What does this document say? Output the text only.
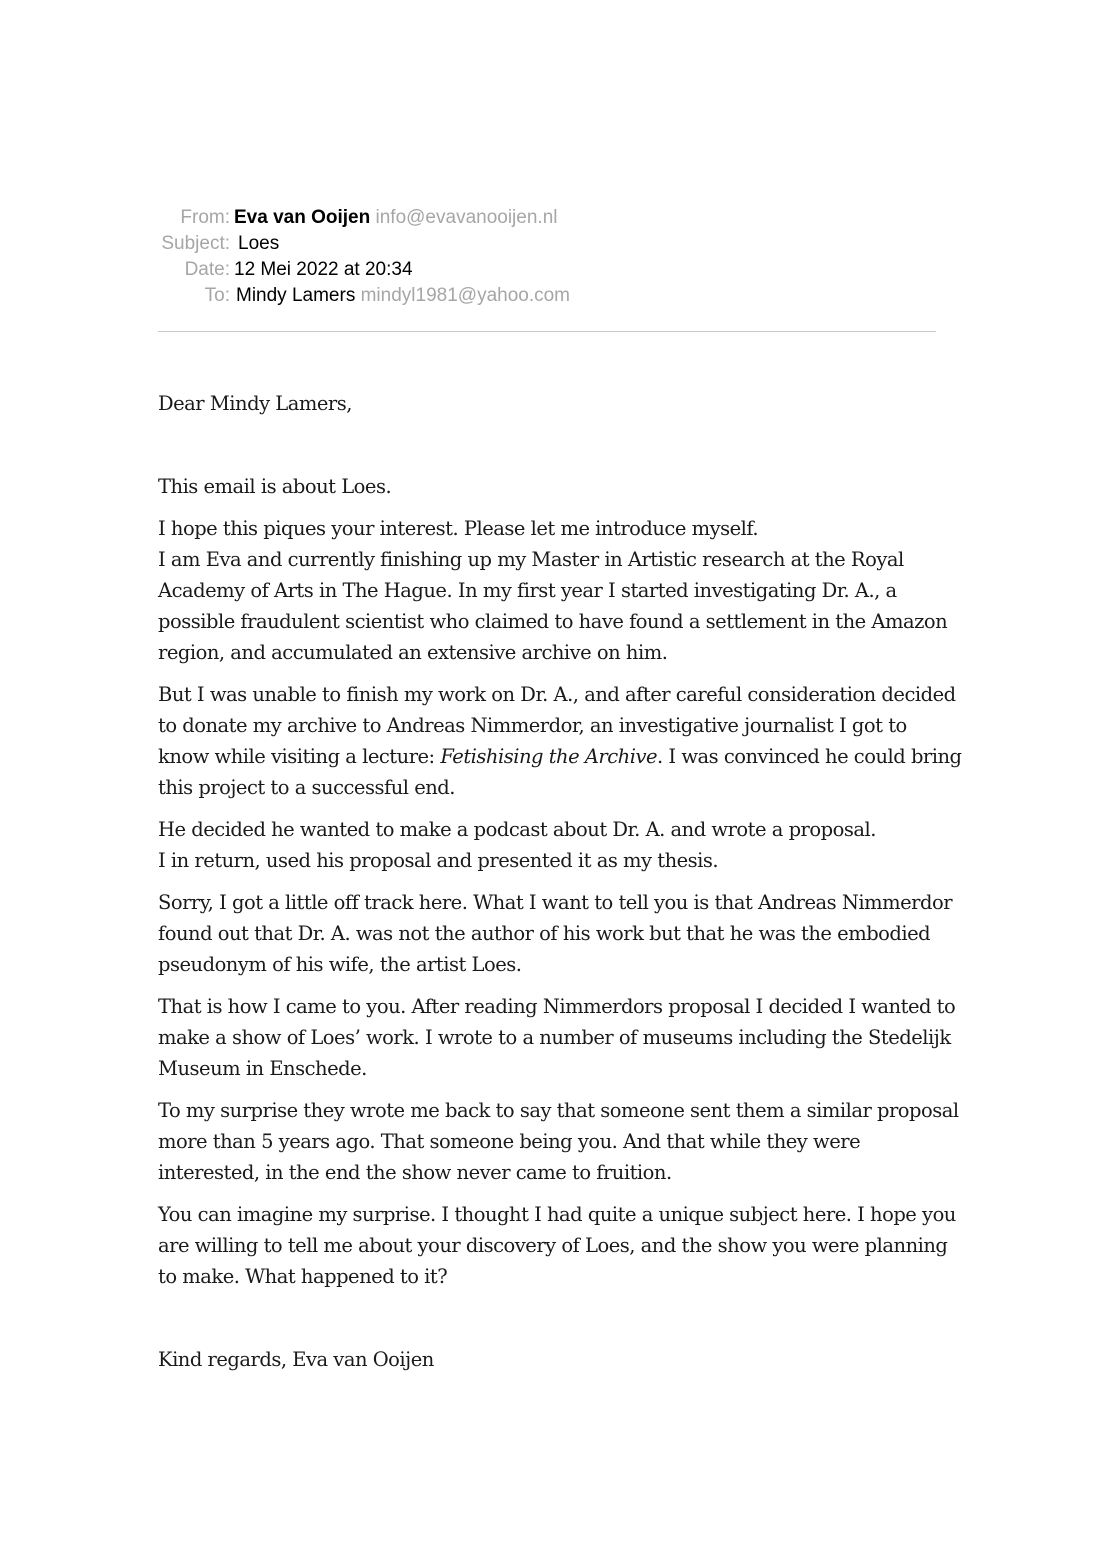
From: Eva van Ooijen info@evavanooijen.nl
Subject: Loes
Date: 12 Mei 2022 at 20:34
To: Mindy Lamers mindyl1981@yahoo.com

Dear Mindy Lamers,

This email is about Loes.

I hope this piques your interest. Please let me introduce myself.
I am Eva and currently finishing up my Master in Artistic research at the Royal Academy of Arts in The Hague. In my first year I started investigating Dr. A., a possible fraudulent scientist who claimed to have found a settlement in the Amazon region, and accumulated an extensive archive on him.

But I was unable to finish my work on Dr. A., and after careful consideration decided to donate my archive to Andreas Nimmerdor, an investigative journalist I got to know while visiting a lecture: Fetishising the Archive. I was convinced he could bring this project to a successful end.

He decided he wanted to make a podcast about Dr. A. and wrote a proposal.
I in return, used his proposal and presented it as my thesis.

Sorry, I got a little off track here. What I want to tell you is that Andreas Nimmerdor found out that Dr. A. was not the author of his work but that he was the embodied pseudonym of his wife, the artist Loes.

That is how I came to you. After reading Nimmerdors proposal I decided I wanted to make a show of Loes’ work. I wrote to a number of museums including the Stedelijk Museum in Enschede.

To my surprise they wrote me back to say that someone sent them a similar proposal more than 5 years ago. That someone being you. And that while they were interested, in the end the show never came to fruition.

You can imagine my surprise. I thought I had quite a unique subject here. I hope you are willing to tell me about your discovery of Loes, and the show you were planning to make. What happened to it?

Kind regards, Eva van Ooijen
